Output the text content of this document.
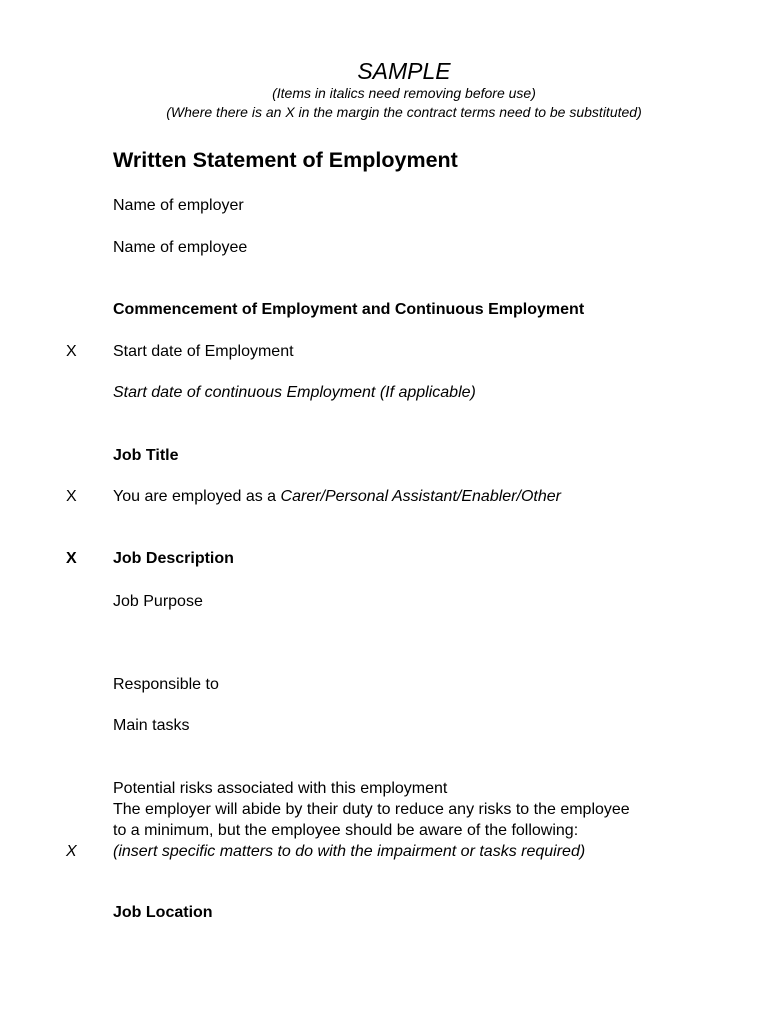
SAMPLE
(Items in italics need removing before use)
(Where there is an X in the margin the contract terms need to be substituted)
Written Statement of Employment
Name of employer
Name of employee
Commencement of Employment and Continuous Employment
X Start date of Employment
Start date of continuous Employment (If applicable)
Job Title
X You are employed as a Carer/Personal Assistant/Enabler/Other
X Job Description
Job Purpose
Responsible to
Main tasks
Potential risks associated with this employment
The employer will abide by their duty to reduce any risks to the employee
to a minimum, but the employee should be aware of the following:
X (insert specific matters to do with the impairment or tasks required)
Job Location
